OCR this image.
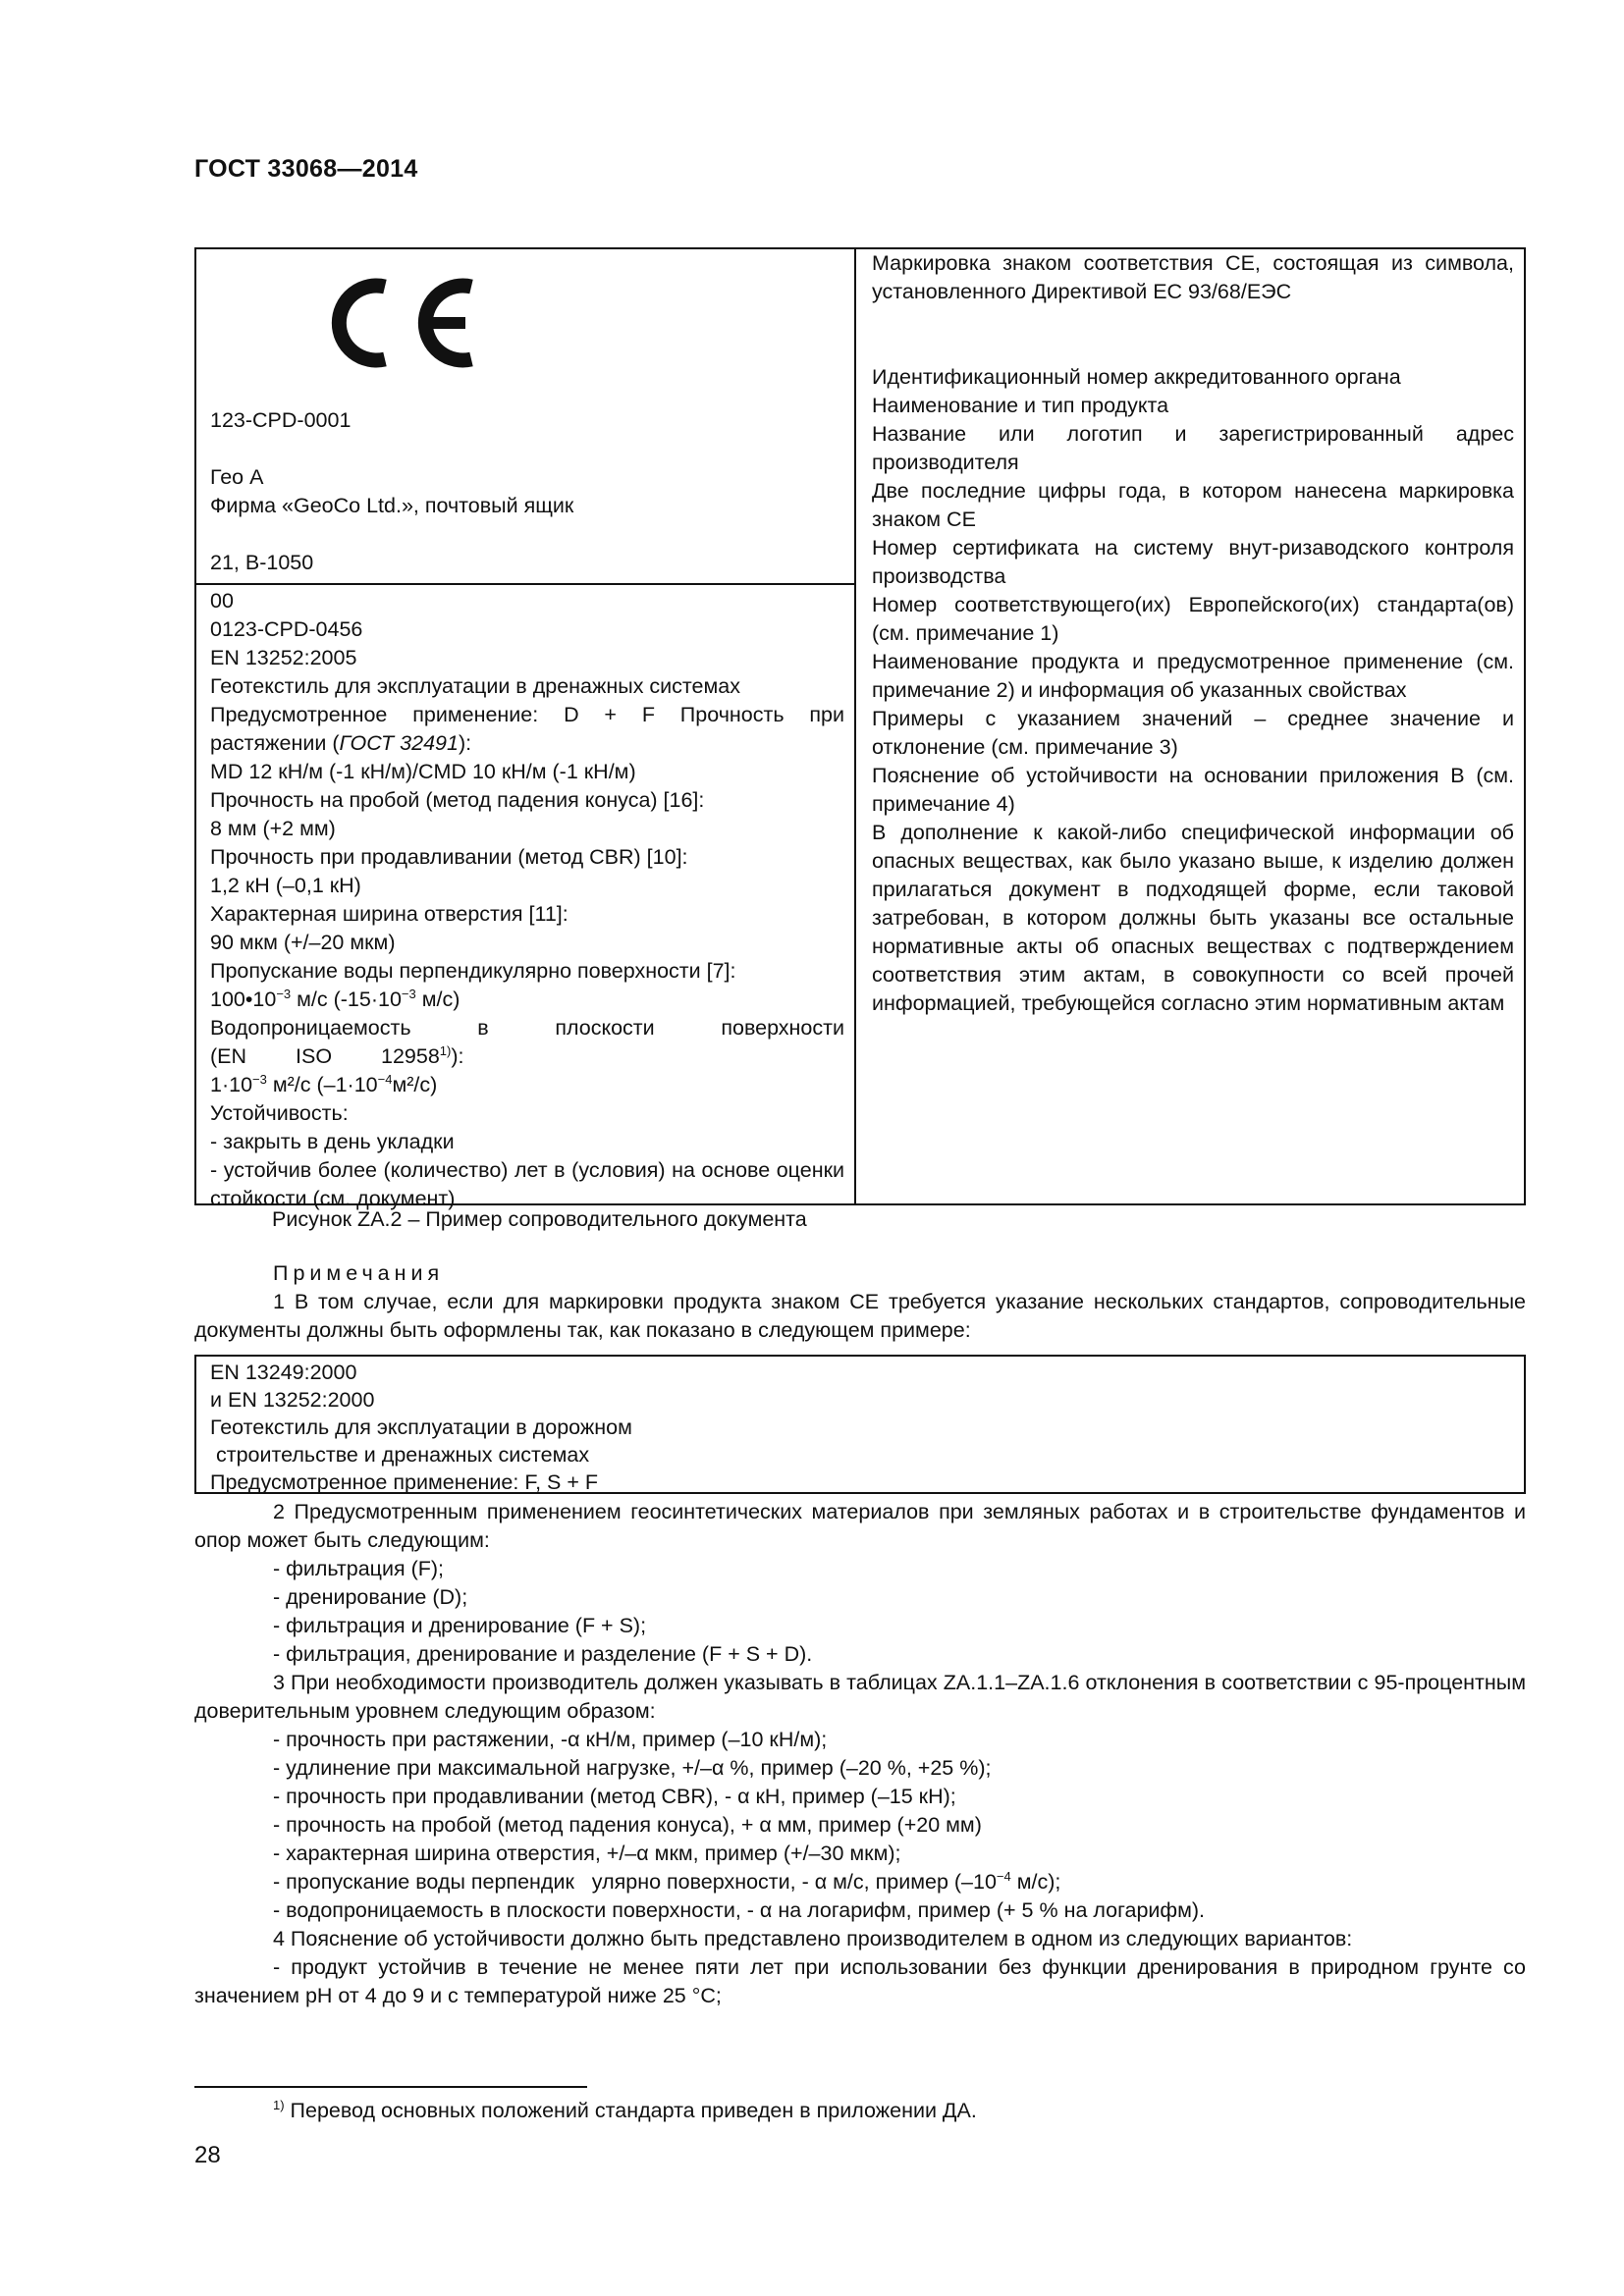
ГОСТ 33068—2014
123-CPD-0001
Гео А
Фирма «GeoCo Ltd.», почтовый ящик
21, B-1050
00
0123-CPD-0456
EN 13252:2005
Геотекстиль для эксплуатации в дренажных системах
Предусмотренное применение: D + F Прочность при растяжении (ГОСТ 32491):
MD 12 кН/м (-1 кН/м)/CMD 10 кН/м (-1 кН/м)
Прочность на пробой (метод падения конуса) [16]:
8 мм (+2 мм)
Прочность при продавливании (метод CBR) [10]:
1,2 кН (–0,1 кН)
Характерная ширина отверстия [11]:
90 мкм (+/–20 мкм)
Пропускание воды перпендикулярно поверхности [7]:
$100•10^{-3}$ м/с ($-15\cdot 10^{-3}$ м/с)
Водопроницаемость в плоскости поверхности (EN ISO 12958$^{1)}$):
$1\cdot 10^{-3}$ м²/с $(-1\cdot 10^{-4}м^2/с)$
Устойчивость:
- закрыть в день укладки
- устойчив более (количество) лет в (условия) на основе оценки стойкости (см. документ)

Маркировка знаком соответствия CE, состоящая из символа, установленного Директивой ЕС 93/68/ЕЭС

Идентификационный номер аккредитованного органа

Наименование и тип продукта

Название или логотип и зарегистрированный адрес производителя

Две последние цифры года, в котором нанесена маркировка знаком CE

Номер сертификата на систему внут-ризаводского контроля производства

Номер соответствующего(их) Европейского(их) стандарта(ов) (см. примечание 1)

Наименование продукта и предусмотренное применение (см. примечание 2) и информация об указанных свойствах

Примеры с указанием значений – среднее значение и отклонение (см. примечание 3)

Пояснение об устойчивости на основании приложения В (см. примечание 4)

В дополнение к какой-либо специфической информации об опасных веществах, как было указано выше, к изделию должен прилагаться документ в подходящей форме, если таковой затребован, в котором должны быть указаны все остальные нормативные акты об опасных веществах с подтверждением соответствия этим актам, в совокупности со всей прочей информацией, требующейся согласно этим нормативным актам

Рисунок ZA.2 – Пример сопроводительного документа

Примечания

1 В том случае, если для маркировки продукта знаком CE требуется указание нескольких стандартов, сопроводительные документы должны быть оформлены так, как показано в следующем примере:

EN 13249:2000
и EN 13252:2000
Геотекстиль для эксплуатации в дорожном
строительстве и дренажных системах
Предусмотренное применение: F, S + F

2 Предусмотренным применением геосинтетических материалов при земляных работах и в строительстве фундаментов и опор может быть следующим:

- фильтрация (F);

- дренирование (D);

- фильтрация и дренирование (F + S);

- фильтрация, дренирование и разделение (F + S + D).

3 При необходимости производитель должен указывать в таблицах ZA.1.1–ZA.1.6 отклонения в соответствии с 95-процентным доверительным уровнем следующим образом:

- прочность при растяжении, -α кН/м, пример (–10 кН/м);

- удлинение при максимальной нагрузке, +/–α %, пример (–20 %, +25 %);

- прочность при продавливании (метод CBR), - α кН, пример (–15 кН);

- прочность на пробой (метод падения конуса), + α мм, пример (+20 мм)

- характерная ширина отверстия, +/–α мкм, пример (+/–30 мкм);

- пропускание воды перпендик   улярно поверхности, - α м/с, пример ($-10^{-4}$ м/с);

- водопроницаемость в плоскости поверхности, - α на логарифм, пример (+ 5 % на логарифм).

4 Пояснение об устойчивости должно быть представлено производителем в одном из следующих вариантов:

- продукт устойчив в течение не менее пяти лет при использовании без функции дренирования в природном грунте со значением pH от 4 до 9 и с температурой ниже 25 °C;

$^{1)}$ Перевод основных положений стандарта приведен в приложении ДА.
28
